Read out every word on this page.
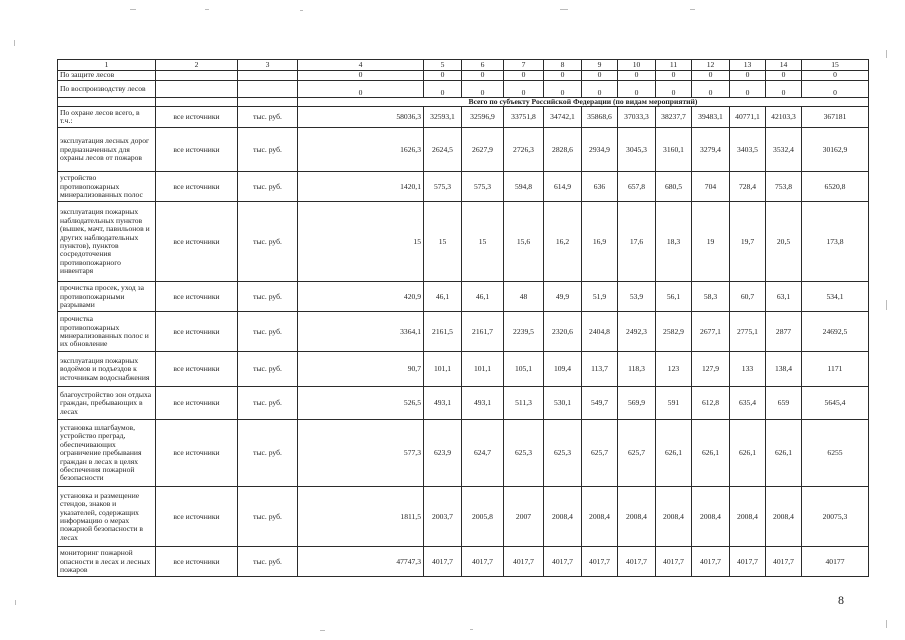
1	2	3	4	5	6	7	8	9	10	11	12	13	14	15
По защите лесов			0	0	0	0	0	0	0	0	0	0	0	0
По воспроизводству лесов			0	0	0	0	0	0	0	0	0	0	0	0
			Всего по субъекту Российской Федерации (по видам мероприятий)											
По охране лесов всего, в т.ч.:	все источники	тыс. руб.	58036,3	32593,1	32596,9	33751,8	34742,1	35868,6	37033,3	38237,7	39483,1	40771,1	42103,3	367181
эксплуатация лесных дорог предназначенных для охраны лесов от пожаров	все источники	тыс. руб.	1626,3	2624,5	2627,9	2726,3	2828,6	2934,9	3045,3	3160,1	3279,4	3403,5	3532,4	30162,9
устройство противопожарных минерализованных полос	все источники	тыс. руб.	1420,1	575,3	575,3	594,8	614,9	636	657,8	680,5	704	728,4	753,8	6520,8
эксплуатация пожарных наблюдательных пунктов (вышек, мачт, павильонов и других наблюдательных пунктов), пунктов сосредоточения противопожарного инвентаря	все источники	тыс. руб.	15	15	15	15,6	16,2	16,9	17,6	18,3	19	19,7	20,5	173,8
прочистка просек, уход за противопожарными разрывами	все источники	тыс. руб.	420,9	46,1	46,1	48	49,9	51,9	53,9	56,1	58,3	60,7	63,1	534,1
прочистка противопожарных минерализованных полос и их обновление	все источники	тыс. руб.	3364,1	2161,5	2161,7	2239,5	2320,6	2404,8	2492,3	2582,9	2677,1	2775,1	2877	24692,5
эксплуатация пожарных водоёмов и подъездов к источникам водоснабжения	все источники	тыс. руб.	90,7	101,1	101,1	105,1	109,4	113,7	118,3	123	127,9	133	138,4	1171
благоустройство зон отдыха граждан, пребывающих в лесах	все источники	тыс. руб.	526,5	493,1	493,1	511,3	530,1	549,7	569,9	591	612,8	635,4	659	5645,4
установка шлагбаумов, устройство преград, обеспечивающих ограничение пребывания граждан в лесах в целях обеспечения пожарной безопасности	все источники	тыс. руб.	577,3	623,9	624,7	625,3	625,3	625,7	625,7	626,1	626,1	626,1	626,1	6255
установка и размещение стендов, знаков и указателей, содержащих информацию о мерах пожарной безопасности в лесах	все источники	тыс. руб.	1811,5	2003,7	2005,8	2007	2008,4	2008,4	2008,4	2008,4	2008,4	2008,4	2008,4	20075,3
мониторинг пожарной опасности в лесах и лесных пожаров	все источники	тыс. руб.	47747,3	4017,7	4017,7	4017,7	4017,7	4017,7	4017,7	4017,7	4017,7	4017,7	4017,7	40177
8
